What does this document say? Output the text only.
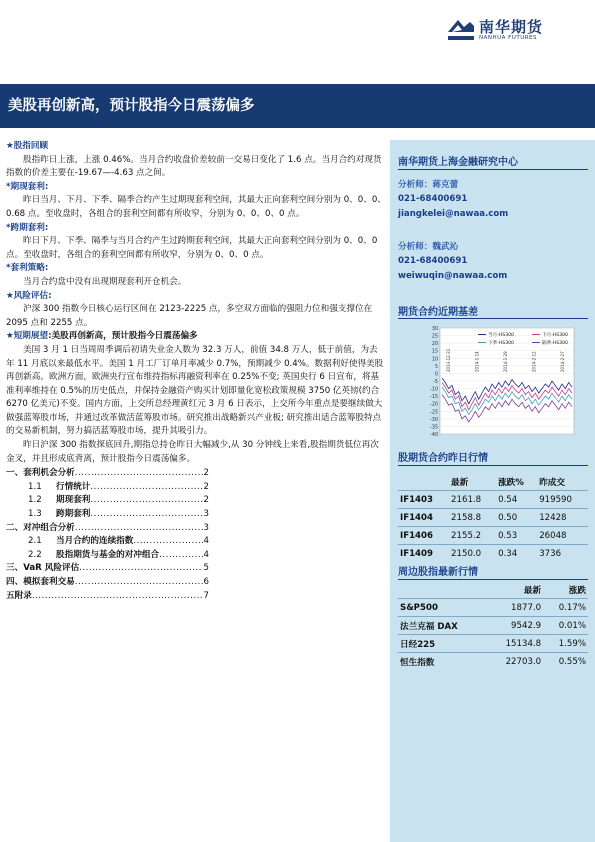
南华期货
NANHUA FUTURES
美股再创新高，预计股指今日震荡偏多

★股指回顾

股指昨日上涨，上涨 0.46%。当月合约收盘价差较前一交易日变化了 1.6 点。当月合约对现货指数的价差主要在-19.67—-4.63 点之间。

*期现套利:

昨日当月、下月、下季、隔季合约产生过期现套利空间，其最大正向套利空间分别为 0、0、0、0.68 点。至收盘时，各组合的套利空间都有所收窄，分别为 0、0、0、0 点。

*跨期套利:

昨日下月、下季、隔季与当月合约产生过跨期套利空间，其最大正向套利空间分别为 0、0、0 点。至收盘时，各组合的套利空间都有所收窄，分别为 0、0、0 点。

*套利策略:

当月合约盘中没有出现期现套利开仓机会。

★风险评估:

沪深 300 指数今日核心运行区间在 2123-2225 点，多空双方面临的强阻力位和强支撑位在 2095 点和 2255 点。

★短期展望:美股再创新高，预计股指今日震荡偏多

美国 3 月 1 日当周周季调后初请失业金人数为 32.3 万人，前值 34.8 万人，低于前值，为去年 11 月底以来最低水平。美国 1 月工厂订单月率减少 0.7%，预期减少 0.4%。数据利好使得美股再创新高。欧洲方面，欧洲央行宣布维持指标再融资利率在 0.25%不变; 英国央行 6 日宣布，将基准利率维持在 0.5%的历史低点，并保持金融资产购买计划即量化宽松政策规模 3750 亿英镑(约合 6270 亿美元)不变。国内方面，上交所总经理黄红元 3 月 6 日表示，上交所今年重点是要继续做大做强蓝筹股市场，并通过改革做活蓝筹股市场。研究推出战略新兴产业板; 研究推出适合蓝筹股特点的交易新机制，努力搞活蓝筹股市场，提升其吸引力。

昨日沪深 300 指数探底回升,期指总持仓昨日大幅减少,从 30 分钟线上来看,股指期货低位再次金叉，并且形成底背离，预计股指今日震荡偏多。

一、 套利机会分析 .....	2
1.1	行情统计 .....	2
1.2	期现套利 .....	2
1.3	跨期套利 .....	3
二、 对冲组合分析 .....	3
2.1	当月合约的连续指数 .....	4
2.2	股指期货与基金的对冲组合 .....	4
三、 VaR 风险评估 .....	5
四、 模拟套利交易 .....	6
五 附录 .....	7
南华期货上海金融研究中心
分析师：蒋克蕾
021-68400691
jiangkelei@nawaa.com
分析师：魏武沁
021-68400691
weiwuqin@nawaa.com
期货合约近期基差
30
25
20
15
10
5
0
-5
-10
-15
-20
-25
-30
-35
-40
2013-12-31	2014-1-14	2014-1-29	2014-2-12	2014-2-27
当月-HS300	下月-HS300
下季-HS300	隔季-HS300
股期货合约昨日行情
	最新	涨跌%	昨成交
IF1403	2161.8	0.54	919590
IF1404	2158.8	0.50	12428
IF1406	2155.2	0.53	26048
IF1409	2150.0	0.34	3736
周边股指最新行情
	最新	涨跌
S&P500	1877.0	0.17%
法兰克福 DAX	9542.9	0.01%
日经225	15134.8	1.59%
恒生指数	22703.0	0.55%
